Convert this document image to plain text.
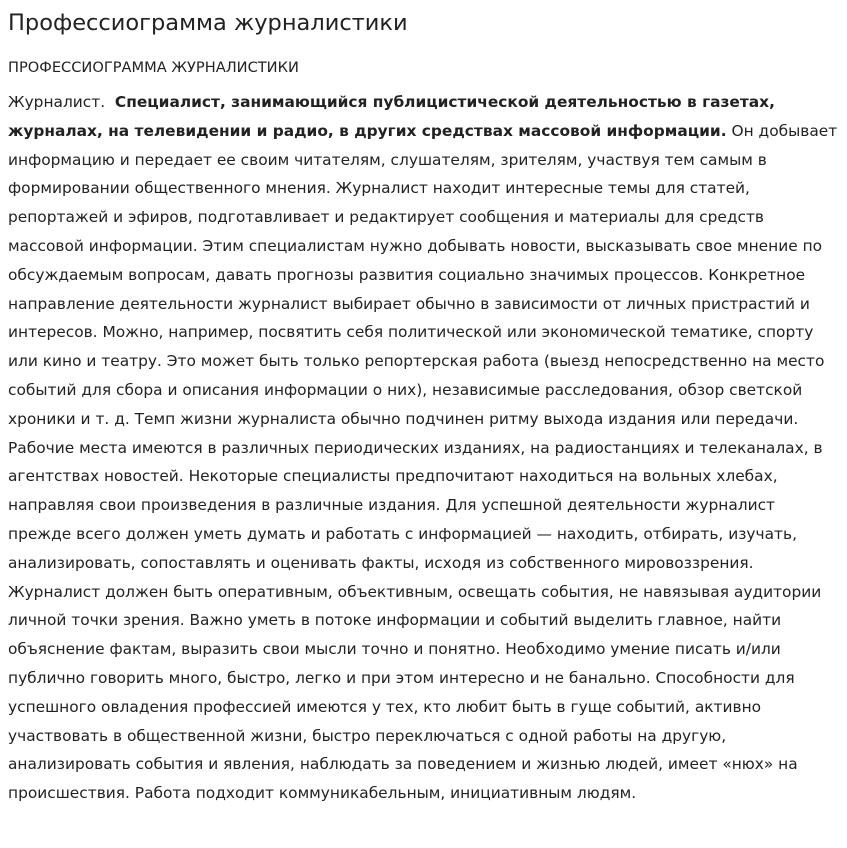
Профессиограмма журналистики
ПРОФЕССИОГРАММА ЖУРНАЛИСТИКИ

Журналист. Специалист, занимающийся публицистической деятельностью в газетах, журналах, на телевидении и радио, в других средствах массовой информации. Он добывает информацию и передает ее своим читателям, слушателям, зрителям, участвуя тем самым в формировании общественного мнения. Журналист находит интересные темы для статей, репортажей и эфиров, подготавливает и редактирует сообщения и материалы для средств массовой информации. Этим специалистам нужно добывать новости, высказывать свое мнение по обсуждаемым вопросам, давать прогнозы развития социально значимых процессов. Конкретное направление деятельности журналист выбирает обычно в зависимости от личных пристрастий и интересов. Можно, например, посвятить себя политической или экономической тематике, спорту или кино и театру. Это может быть только репортерская работа (выезд непосредственно на место событий для сбора и описания информации о них), независимые расследования, обзор светской хроники и т. д. Темп жизни журналиста обычно подчинен ритму выхода издания или передачи. Рабочие места имеются в различных периодических изданиях, на радиостанциях и телеканалах, в агентствах новостей. Некоторые специалисты предпочитают находиться на вольных хлебах, направляя свои произведения в различные издания. Для успешной деятельности журналист прежде всего должен уметь думать и работать с информацией — находить, отбирать, изучать, анализировать, сопоставлять и оценивать факты, исходя из собственного мировоззрения. Журналист должен быть оперативным, объективным, освещать события, не навязывая аудитории личной точки зрения. Важно уметь в потоке информации и событий выделить главное, найти объяснение фактам, выразить свои мысли точно и понятно. Необходимо умение писать и/или публично говорить много, быстро, легко и при этом интересно и не банально. Способности для успешного овладения профессией имеются у тех, кто любит быть в гуще событий, активно участвовать в общественной жизни, быстро переключаться с одной работы на другую, анализировать события и явления, наблюдать за поведением и жизнью людей, имеет «нюх» на происшествия. Работа подходит коммуникабельным, инициативным людям.
